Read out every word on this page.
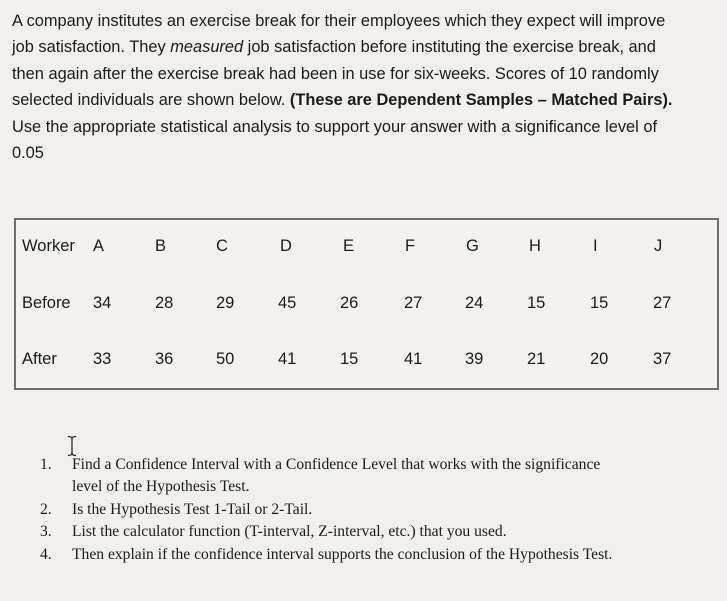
A company institutes an exercise break for their employees which they expect will improve
job satisfaction. They measured job satisfaction before instituting the exercise break, and
then again after the exercise break had been in use for six-weeks. Scores of 10 randomly
selected individuals are shown below. (These are Dependent Samples – Matched Pairs).
Use the appropriate statistical analysis to support your answer with a significance level of
0.05

Worker A	B	C	D	E	F	G	H	I	J
Before 34	28	29	45	26	27	24	15	15	27
After 33	36	50	41	15	41	39	21	20	37
1. Find a Confidence Interval with a Confidence Level that works with the significance
level of the Hypothesis Test.
2. Is the Hypothesis Test 1-Tail or 2-Tail.
3. List the calculator function (T-interval, Z-interval, etc.) that you used.
4. Then explain if the confidence interval supports the conclusion of the Hypothesis Test.
